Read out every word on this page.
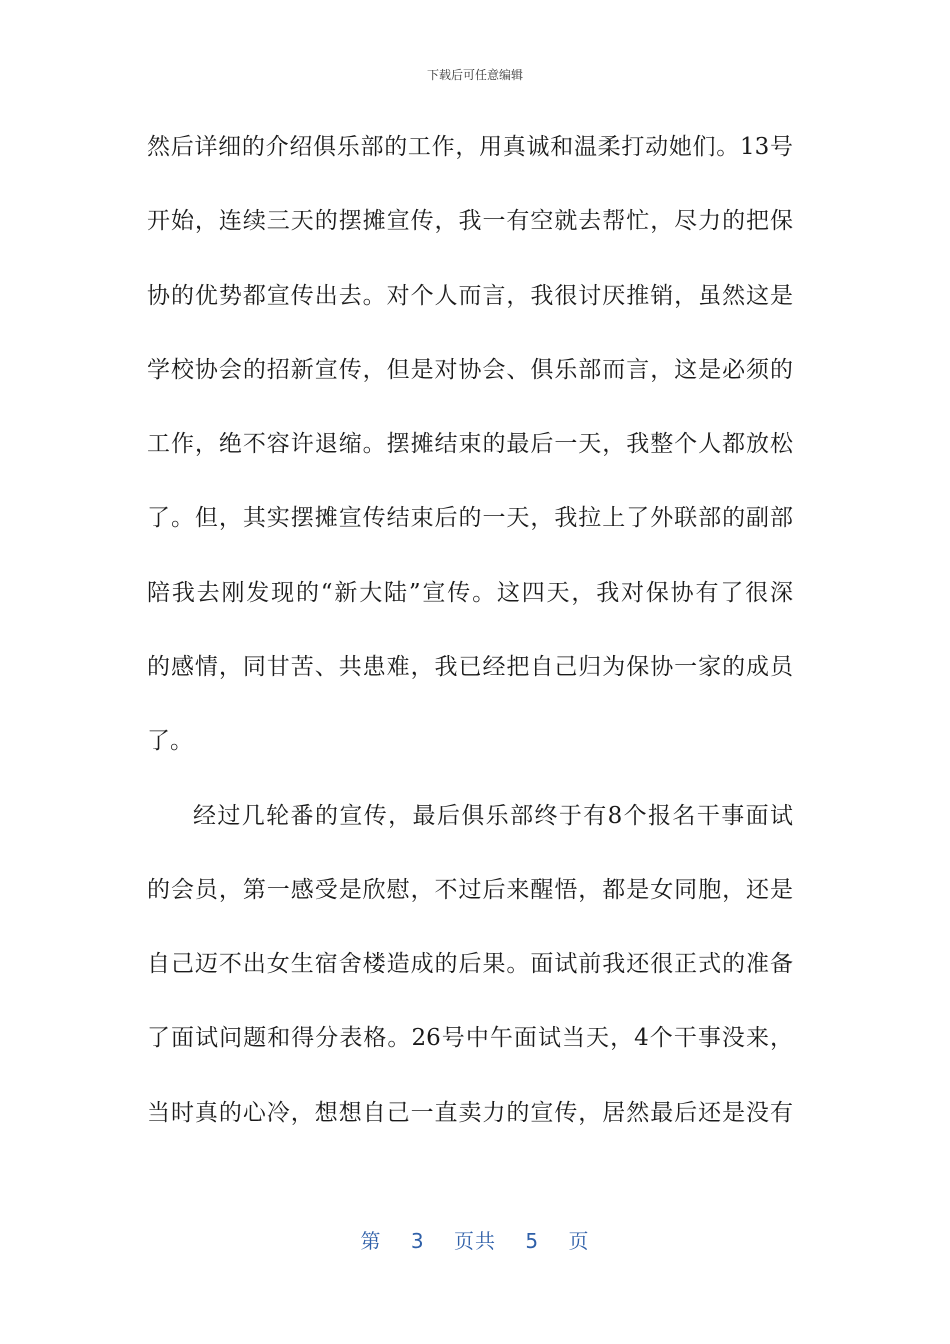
下载后可任意编辑
然后详细的介绍俱乐部的工作，用真诚和温柔打动她们。13号
开始，连续三天的摆摊宣传，我一有空就去帮忙，尽力的把保
协的优势都宣传出去。对个人而言，我很讨厌推销，虽然这是
学校协会的招新宣传，但是对协会、俱乐部而言，这是必须的
工作，绝不容许退缩。摆摊结束的最后一天，我整个人都放松
了。但，其实摆摊宣传结束后的一天，我拉上了外联部的副部
陪我去刚发现的“新大陆”宣传。这四天，我对保协有了很深
的感情，同甘苦、共患难，我已经把自己归为保协一家的成员
了。
经过几轮番的宣传，最后俱乐部终于有8个报名干事面试
的会员，第一感受是欣慰，不过后来醒悟，都是女同胞，还是
自己迈不出女生宿舍楼造成的后果。面试前我还很正式的准备
了面试问题和得分表格。26号中午面试当天，4个干事没来，
当时真的心冷，想想自己一直卖力的宣传，居然最后还是没有
第 3 页共 5 页
